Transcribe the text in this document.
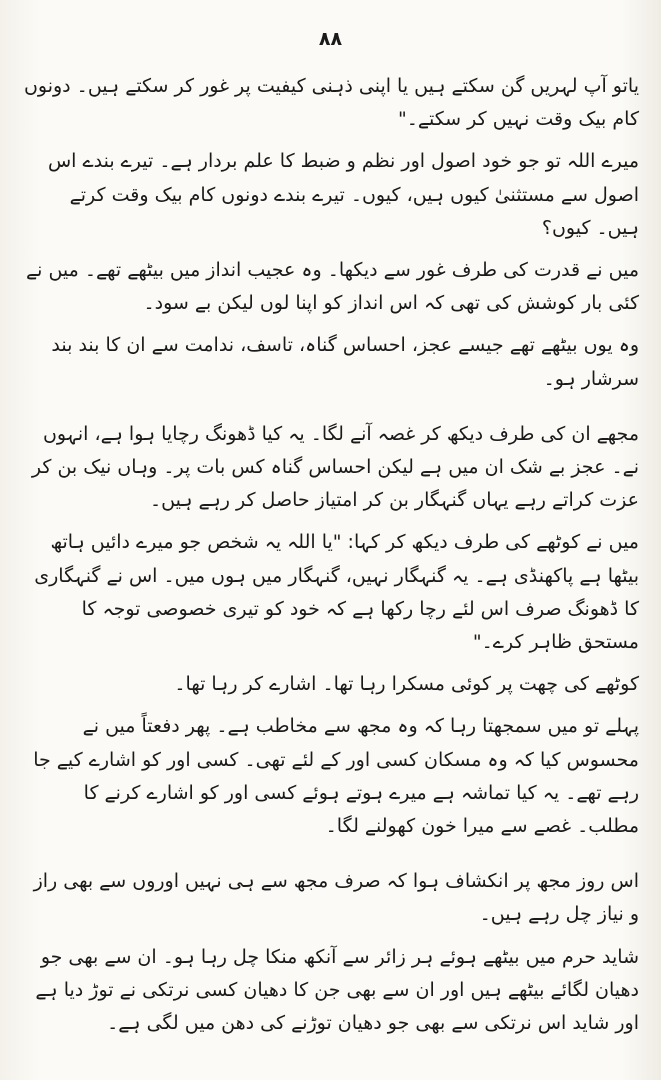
۸۸

یاتو آپ لہریں گن سکتے ہیں یا اپنی ذہنی کیفیت پر غور کر سکتے ہیں۔ دونوں کام بیک وقت نہیں کر سکتے۔"

میرے اللہ تو جو خود اصول اور نظم و ضبط کا علم بردار ہے۔ تیرے بندے اس اصول سے مستثنیٰ کیوں ہیں، کیوں۔ تیرے بندے دونوں کام بیک وقت کرتے ہیں۔ کیوں؟

میں نے قدرت کی طرف غور سے دیکھا۔ وہ عجیب انداز میں بیٹھے تھے۔ میں نے کئی بار کوشش کی تھی کہ اس انداز کو اپنا لوں لیکن بے سود۔

وہ یوں بیٹھے تھے جیسے عجز، احساس گناہ، تاسف، ندامت سے ان کا بند بند سرشار ہو۔

مجھے ان کی طرف دیکھ کر غصہ آنے لگا۔ یہ کیا ڈھونگ رچایا ہوا ہے، انہوں نے۔ عجز بے شک ان میں ہے لیکن احساس گناہ کس بات پر۔ وہاں نیک بن کر عزت کراتے رہے یہاں گنہگار بن کر امتیاز حاصل کر رہے ہیں۔

میں نے کوٹھے کی طرف دیکھ کر کہا: "یا اللہ یہ شخص جو میرے دائیں ہاتھ بیٹھا ہے پاکھنڈی ہے۔ یہ گنہگار نہیں، گنہگار میں ہوں میں۔ اس نے گنہگاری کا ڈھونگ صرف اس لئے رچا رکھا ہے کہ خود کو تیری خصوصی توجہ کا مستحق ظاہر کرے۔"

کوٹھے کی چھت پر کوئی مسکرا رہا تھا۔ اشارے کر رہا تھا۔

پہلے تو میں سمجھتا رہا کہ وہ مجھ سے مخاطب ہے۔ پھر دفعتاً میں نے محسوس کیا کہ وہ مسکان کسی اور کے لئے تھی۔ کسی اور کو اشارے کیے جا رہے تھے۔ یہ کیا تماشہ ہے میرے ہوتے ہوئے کسی اور کو اشارے کرنے کا مطلب۔ غصے سے میرا خون کھولنے لگا۔

اس روز مجھ پر انکشاف ہوا کہ صرف مجھ سے ہی نہیں اوروں سے بھی راز و نیاز چل رہے ہیں۔

شاید حرم میں بیٹھے ہوئے ہر زائر سے آنکھ منکا چل رہا ہو۔ ان سے بھی جو دھیان لگائے بیٹھے ہیں اور ان سے بھی جن کا دھیان کسی نرتکی نے توڑ دیا ہے اور شاید اس نرتکی سے بھی جو دھیان توڑنے کی دھن میں لگی ہے۔
